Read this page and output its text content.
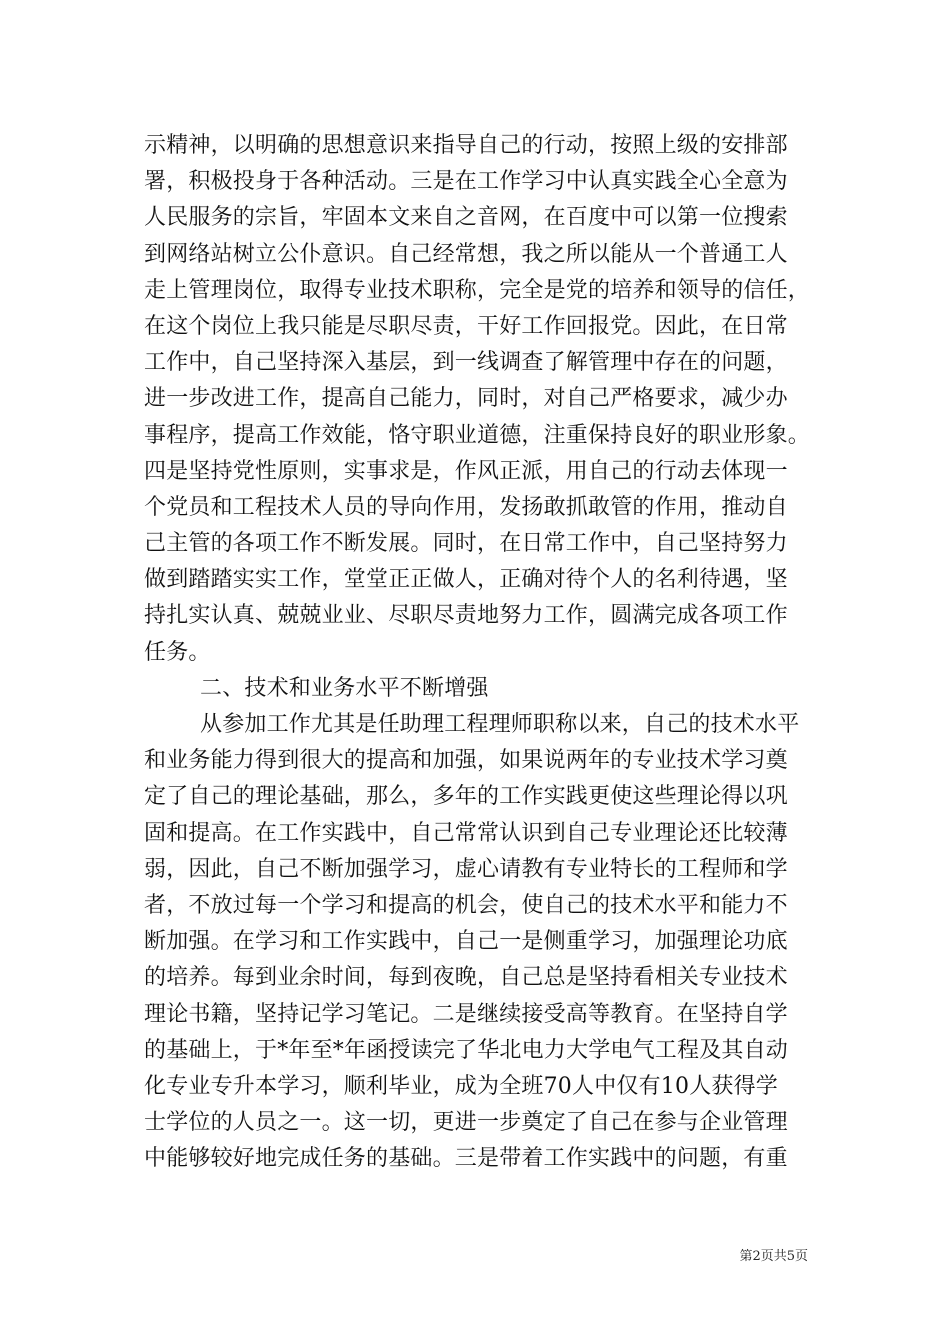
示精神，以明确的思想意识来指导自己的行动，按照上级的安排部
署，积极投身于各种活动。三是在工作学习中认真实践全心全意为
人民服务的宗旨，牢固本文来自之音网，在百度中可以第一位搜索
到网络站树立公仆意识。自己经常想，我之所以能从一个普通工人
走上管理岗位，取得专业技术职称，完全是党的培养和领导的信任，
在这个岗位上我只能是尽职尽责，干好工作回报党。因此，在日常
工作中，自己坚持深入基层，到一线调查了解管理中存在的问题，
进一步改进工作，提高自己能力，同时，对自己严格要求，减少办
事程序，提高工作效能，恪守职业道德，注重保持良好的职业形象。
四是坚持党性原则，实事求是，作风正派，用自己的行动去体现一
个党员和工程技术人员的导向作用，发扬敢抓敢管的作用，推动自
己主管的各项工作不断发展。同时，在日常工作中，自己坚持努力
做到踏踏实实工作，堂堂正正做人，正确对待个人的名利待遇，坚
持扎实认真、兢兢业业、尽职尽责地努力工作，圆满完成各项工作
任务。
二、技术和业务水平不断增强
从参加工作尤其是任助理工程理师职称以来，自己的技术水平
和业务能力得到很大的提高和加强，如果说两年的专业技术学习奠
定了自己的理论基础，那么，多年的工作实践更使这些理论得以巩
固和提高。在工作实践中，自己常常认识到自己专业理论还比较薄
弱，因此，自己不断加强学习，虚心请教有专业特长的工程师和学
者，不放过每一个学习和提高的机会，使自己的技术水平和能力不
断加强。在学习和工作实践中，自己一是侧重学习，加强理论功底
的培养。每到业余时间，每到夜晚，自己总是坚持看相关专业技术
理论书籍，坚持记学习笔记。二是继续接受高等教育。在坚持自学
的基础上，于*年至*年函授读完了华北电力大学电气工程及其自动
化专业专升本学习，顺利毕业，成为全班70人中仅有10人获得学
士学位的人员之一。这一切，更进一步奠定了自己在参与企业管理
中能够较好地完成任务的基础。三是带着工作实践中的问题，有重
第2页共5页
